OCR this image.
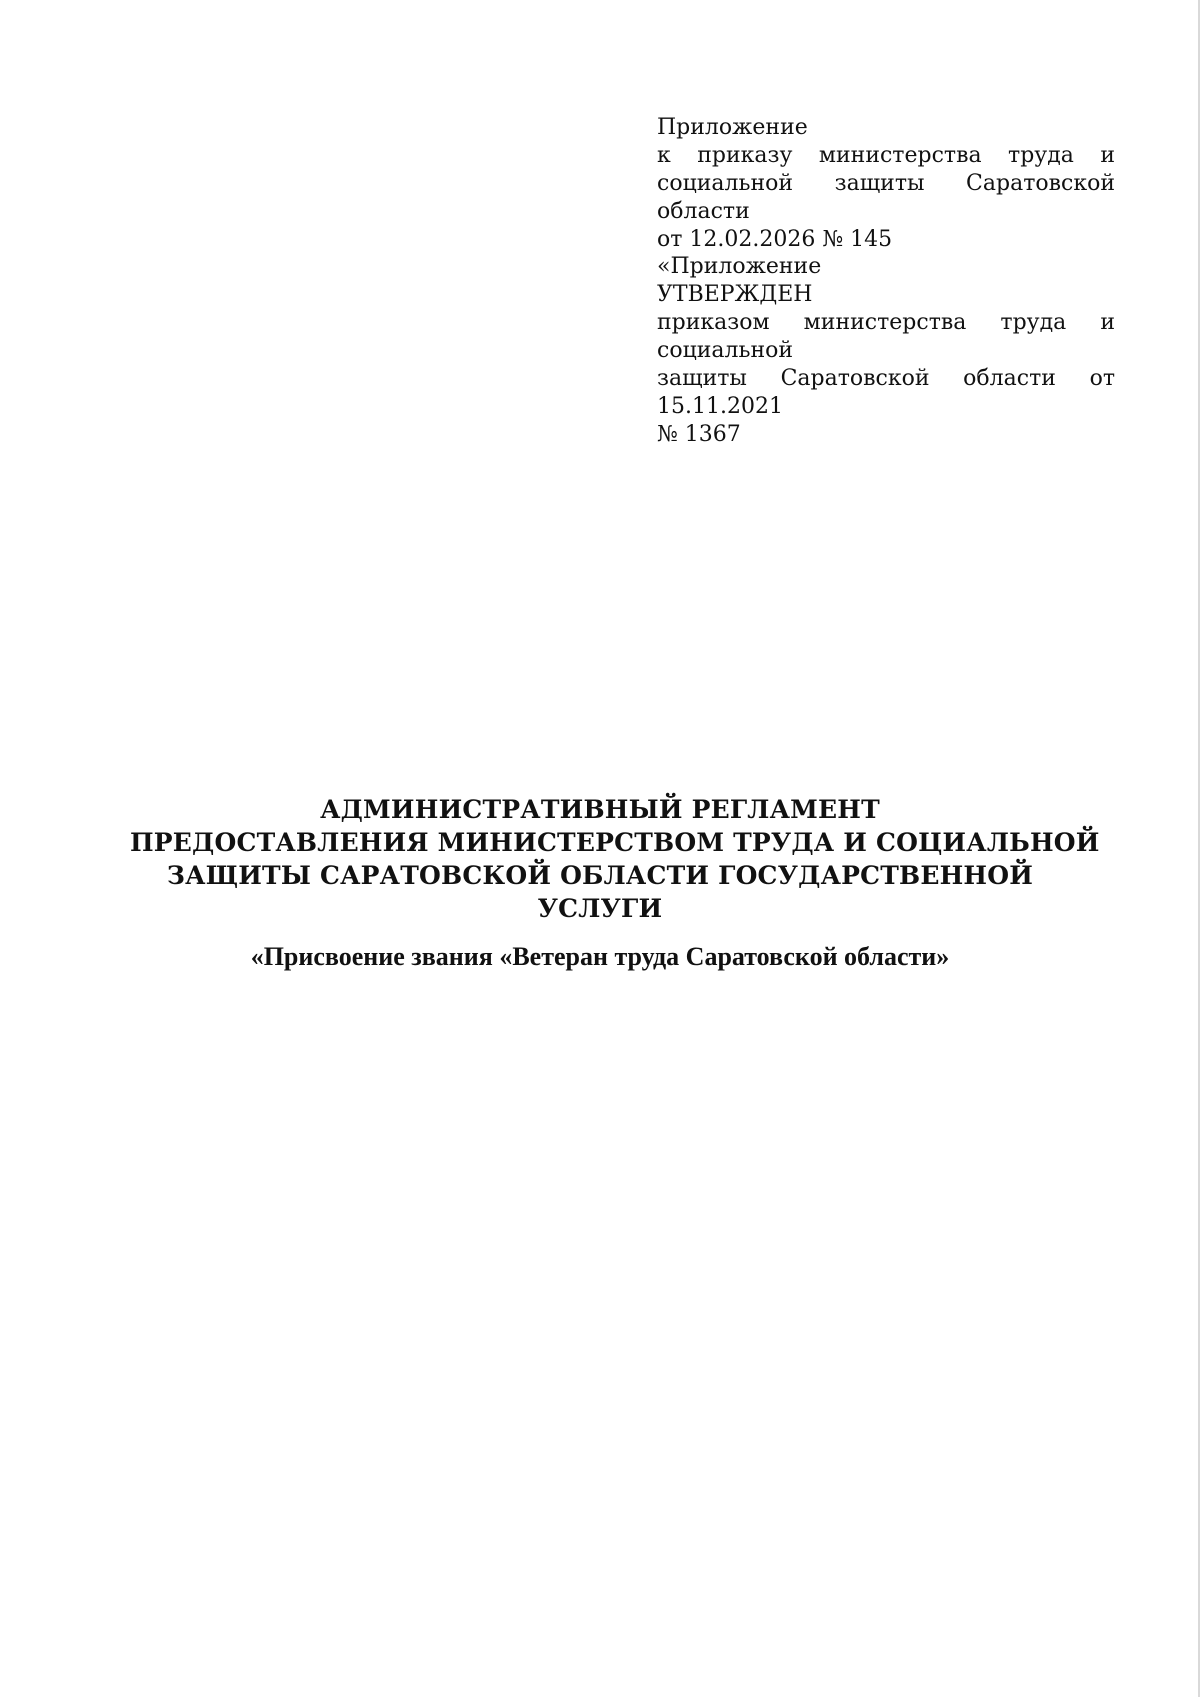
Приложение
к приказу министерства труда и
социальной защиты Саратовской области
от 12.02.2026 № 145
«Приложение
УТВЕРЖДЕН
приказом министерства труда и социальной
защиты Саратовской области от 15.11.2021
№ 1367
АДМИНИСТРАТИВНЫЙ РЕГЛАМЕНТ
ПРЕДОСТАВЛЕНИЯ МИНИСТЕРСТВОМ ТРУДА И СОЦИАЛЬНОЙ
ЗАЩИТЫ САРАТОВСКОЙ ОБЛАСТИ ГОСУДАРСТВЕННОЙ
УСЛУГИ
«Присвоение звания «Ветеран труда Саратовской области»
